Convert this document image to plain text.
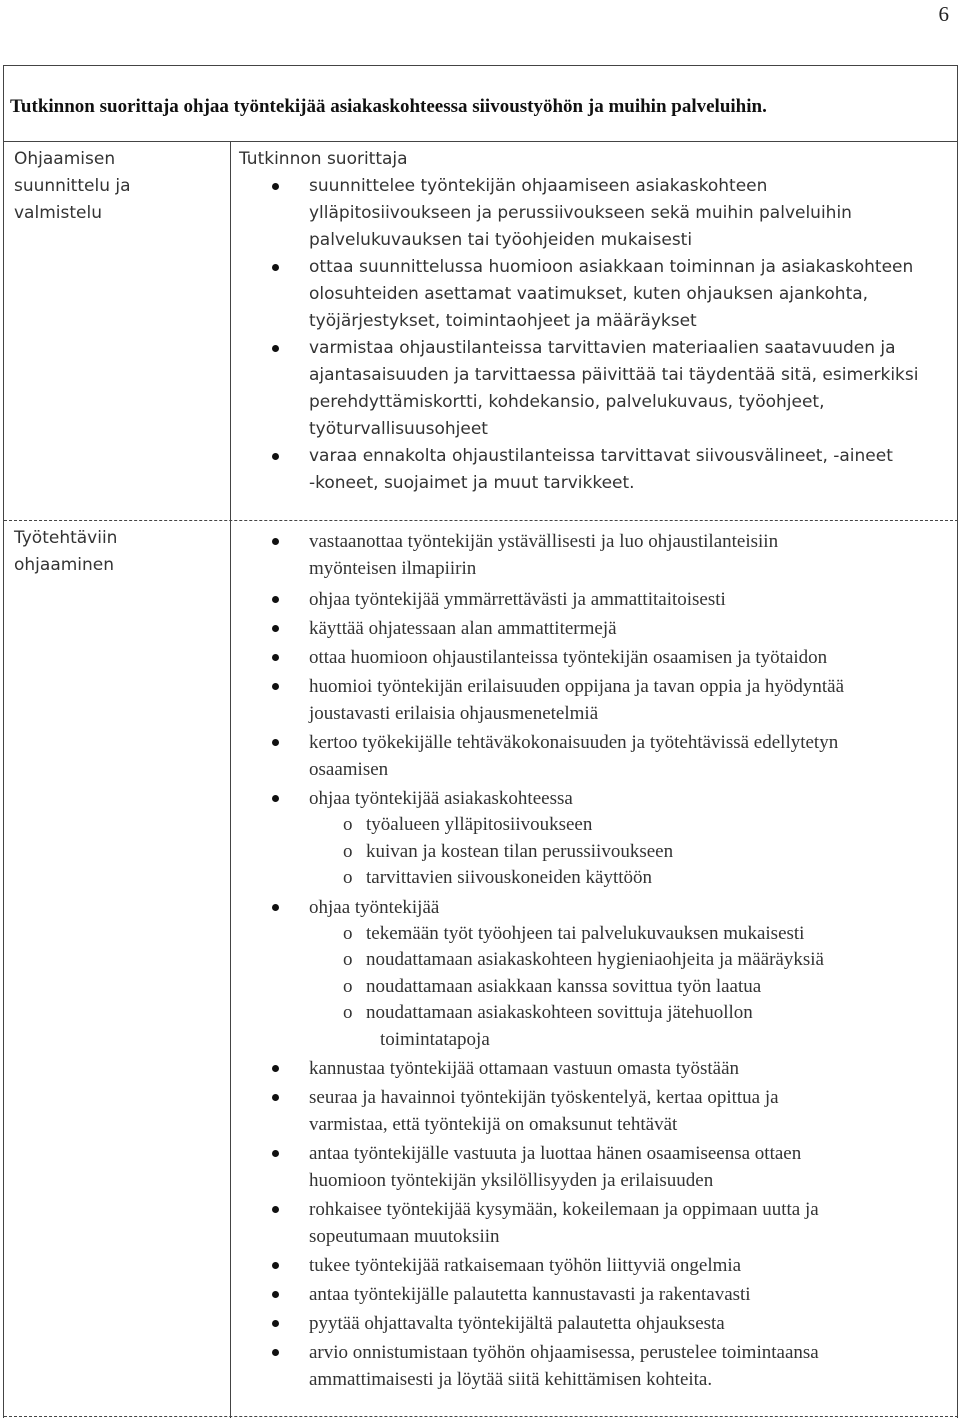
6
Tutkinnon suorittaja ohjaa työntekijää asiakaskohteessa siivoustyöhön ja muihin palveluihin.
Ohjaamisen
suunnittelu ja
valmistelu

Tutkinnon suorittaja

suunnittelee työntekijän ohjaamiseen asiakaskohteen
ylläpitosiivoukseen ja perussiivoukseen sekä muihin palveluihin
palvelukuvauksen tai työohjeiden mukaisesti
ottaa suunnittelussa huomioon asiakkaan toiminnan ja asiakaskohteen
olosuhteiden asettamat vaatimukset, kuten ohjauksen ajankohta,
työjärjestykset, toimintaohjeet ja määräykset
varmistaa ohjaustilanteissa tarvittavien materiaalien saatavuuden ja
ajantasaisuuden ja tarvittaessa päivittää tai täydentää sitä, esimerkiksi
perehdyttämiskortti, kohdekansio, palvelukuvaus, työohjeet,
työturvallisuusohjeet
varaa ennakolta ohjaustilanteissa tarvittavat siivousvälineet, -aineet
-koneet, suojaimet ja muut tarvikkeet.
Työtehtäviin
ohjaaminen
vastaanottaa työntekijän ystävällisesti ja luo ohjaustilanteisiin
myönteisen ilmapiirin
ohjaa työntekijää ymmärrettävästi ja ammattitaitoisesti
käyttää ohjatessaan alan ammattitermejä
ottaa huomioon ohjaustilanteissa työntekijän osaamisen ja työtaidon
huomioi työntekijän erilaisuuden oppijana ja tavan oppia ja hyödyntää
joustavasti erilaisia ohjausmenetelmiä
kertoo työkekijälle tehtäväkokonaisuuden ja työtehtävissä edellytetyn
osaamisen
ohjaa työntekijää asiakaskohteessa
o työalueen ylläpitosiivoukseen
o kuivan ja kostean tilan perussiivoukseen
o tarvittavien siivouskoneiden käyttöön
ohjaa työntekijää
o tekemään työt työohjeen tai palvelukuvauksen mukaisesti
o noudattamaan asiakaskohteen hygieniaohjeita ja määräyksiä
o noudattamaan asiakkaan kanssa sovittua työn laatua
o noudattamaan asiakaskohteen sovittuja jätehuollon
toimintatapoja
kannustaa työntekijää ottamaan vastuun omasta työstään
seuraa ja havainnoi työntekijän työskentelyä, kertaa opittua ja
varmistaa, että työntekijä on omaksunut tehtävät
antaa työntekijälle vastuuta ja luottaa hänen osaamiseensa ottaen
huomioon työntekijän yksilöllisyyden ja erilaisuuden
rohkaisee työntekijää kysymään, kokeilemaan ja oppimaan uutta ja
sopeutumaan muutoksiin
tukee työntekijää ratkaisemaan työhön liittyviä ongelmia
antaa työntekijälle palautetta kannustavasti ja rakentavasti
pyytää ohjattavalta työntekijältä palautetta ohjauksesta
arvio onnistumistaan työhön ohjaamisessa, perustelee toimintaansa
ammattimaisesti ja löytää siitä kehittämisen kohteita.
